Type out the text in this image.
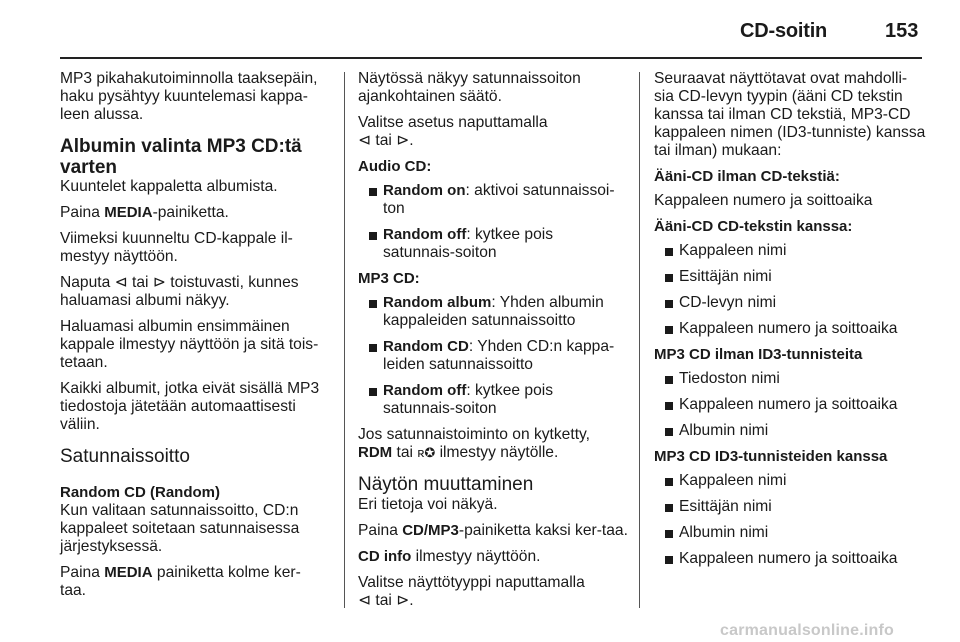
CD-soitin	153

MP3 pikahakutoiminnolla taaksepäin, haku pysähtyy kuuntelemasi kappa-leen alussa.

Albumin valinta MP3 CD:tä
varten

Kuuntelet kappaletta albumista.

Paina MEDIA-painiketta.

Viimeksi kuunneltu CD-kappale il-mestyy näyttöön.

Naputa ⊲ tai ⊳ toistuvasti, kunnes haluamasi albumi näkyy.

Haluamasi albumin ensimmäinen kappale ilmestyy näyttöön ja sitä tois-tetaan.

Kaikki albumit, jotka eivät sisällä MP3 tiedostoja jätetään automaattisesti väliin.

Satunnaissoitto
Random CD (Random)

Kun valitaan satunnaissoitto, CD:n kappaleet soitetaan satunnaisessa järjestyksessä.

Paina MEDIA painiketta kolme ker-taa.

Näytössä näkyy satunnaissoiton ajankohtainen säätö.

Valitse asetus naputtamalla
⊲ tai ⊳.

Audio CD:

Random on: aktivoi satunnaissoi-ton
Random off: kytkee pois satunnais-soiton

MP3 CD:

Random album: Yhden albumin kappaleiden satunnaissoitto
Random CD: Yhden CD:n kappa-leiden satunnaissoitto
Random off: kytkee pois satunnais-soiton

Jos satunnaistoiminto on kytketty,
RDM tai ʀ✪ ilmestyy näytölle.

Näytön muuttaminen

Eri tietoja voi näkyä.

Paina CD/MP3-painiketta kaksi ker-taa.

CD info ilmestyy näyttöön.

Valitse näyttötyyppi naputtamalla
⊲ tai ⊳.

Seuraavat näyttötavat ovat mahdolli-sia CD-levyn tyypin (ääni CD tekstin kanssa tai ilman CD tekstiä, MP3-CD kappaleen nimen (ID3-tunniste) kanssa tai ilman) mukaan:

Ääni-CD ilman CD-tekstiä:

Kappaleen numero ja soittoaika

Ääni-CD CD-tekstin kanssa:

Kappaleen nimi
Esittäjän nimi
CD-levyn nimi
Kappaleen numero ja soittoaika

MP3 CD ilman ID3-tunnisteita

Tiedoston nimi
Kappaleen numero ja soittoaika
Albumin nimi

MP3 CD ID3-tunnisteiden kanssa

Kappaleen nimi
Esittäjän nimi
Albumin nimi
Kappaleen numero ja soittoaika
carmanualsonline.info
